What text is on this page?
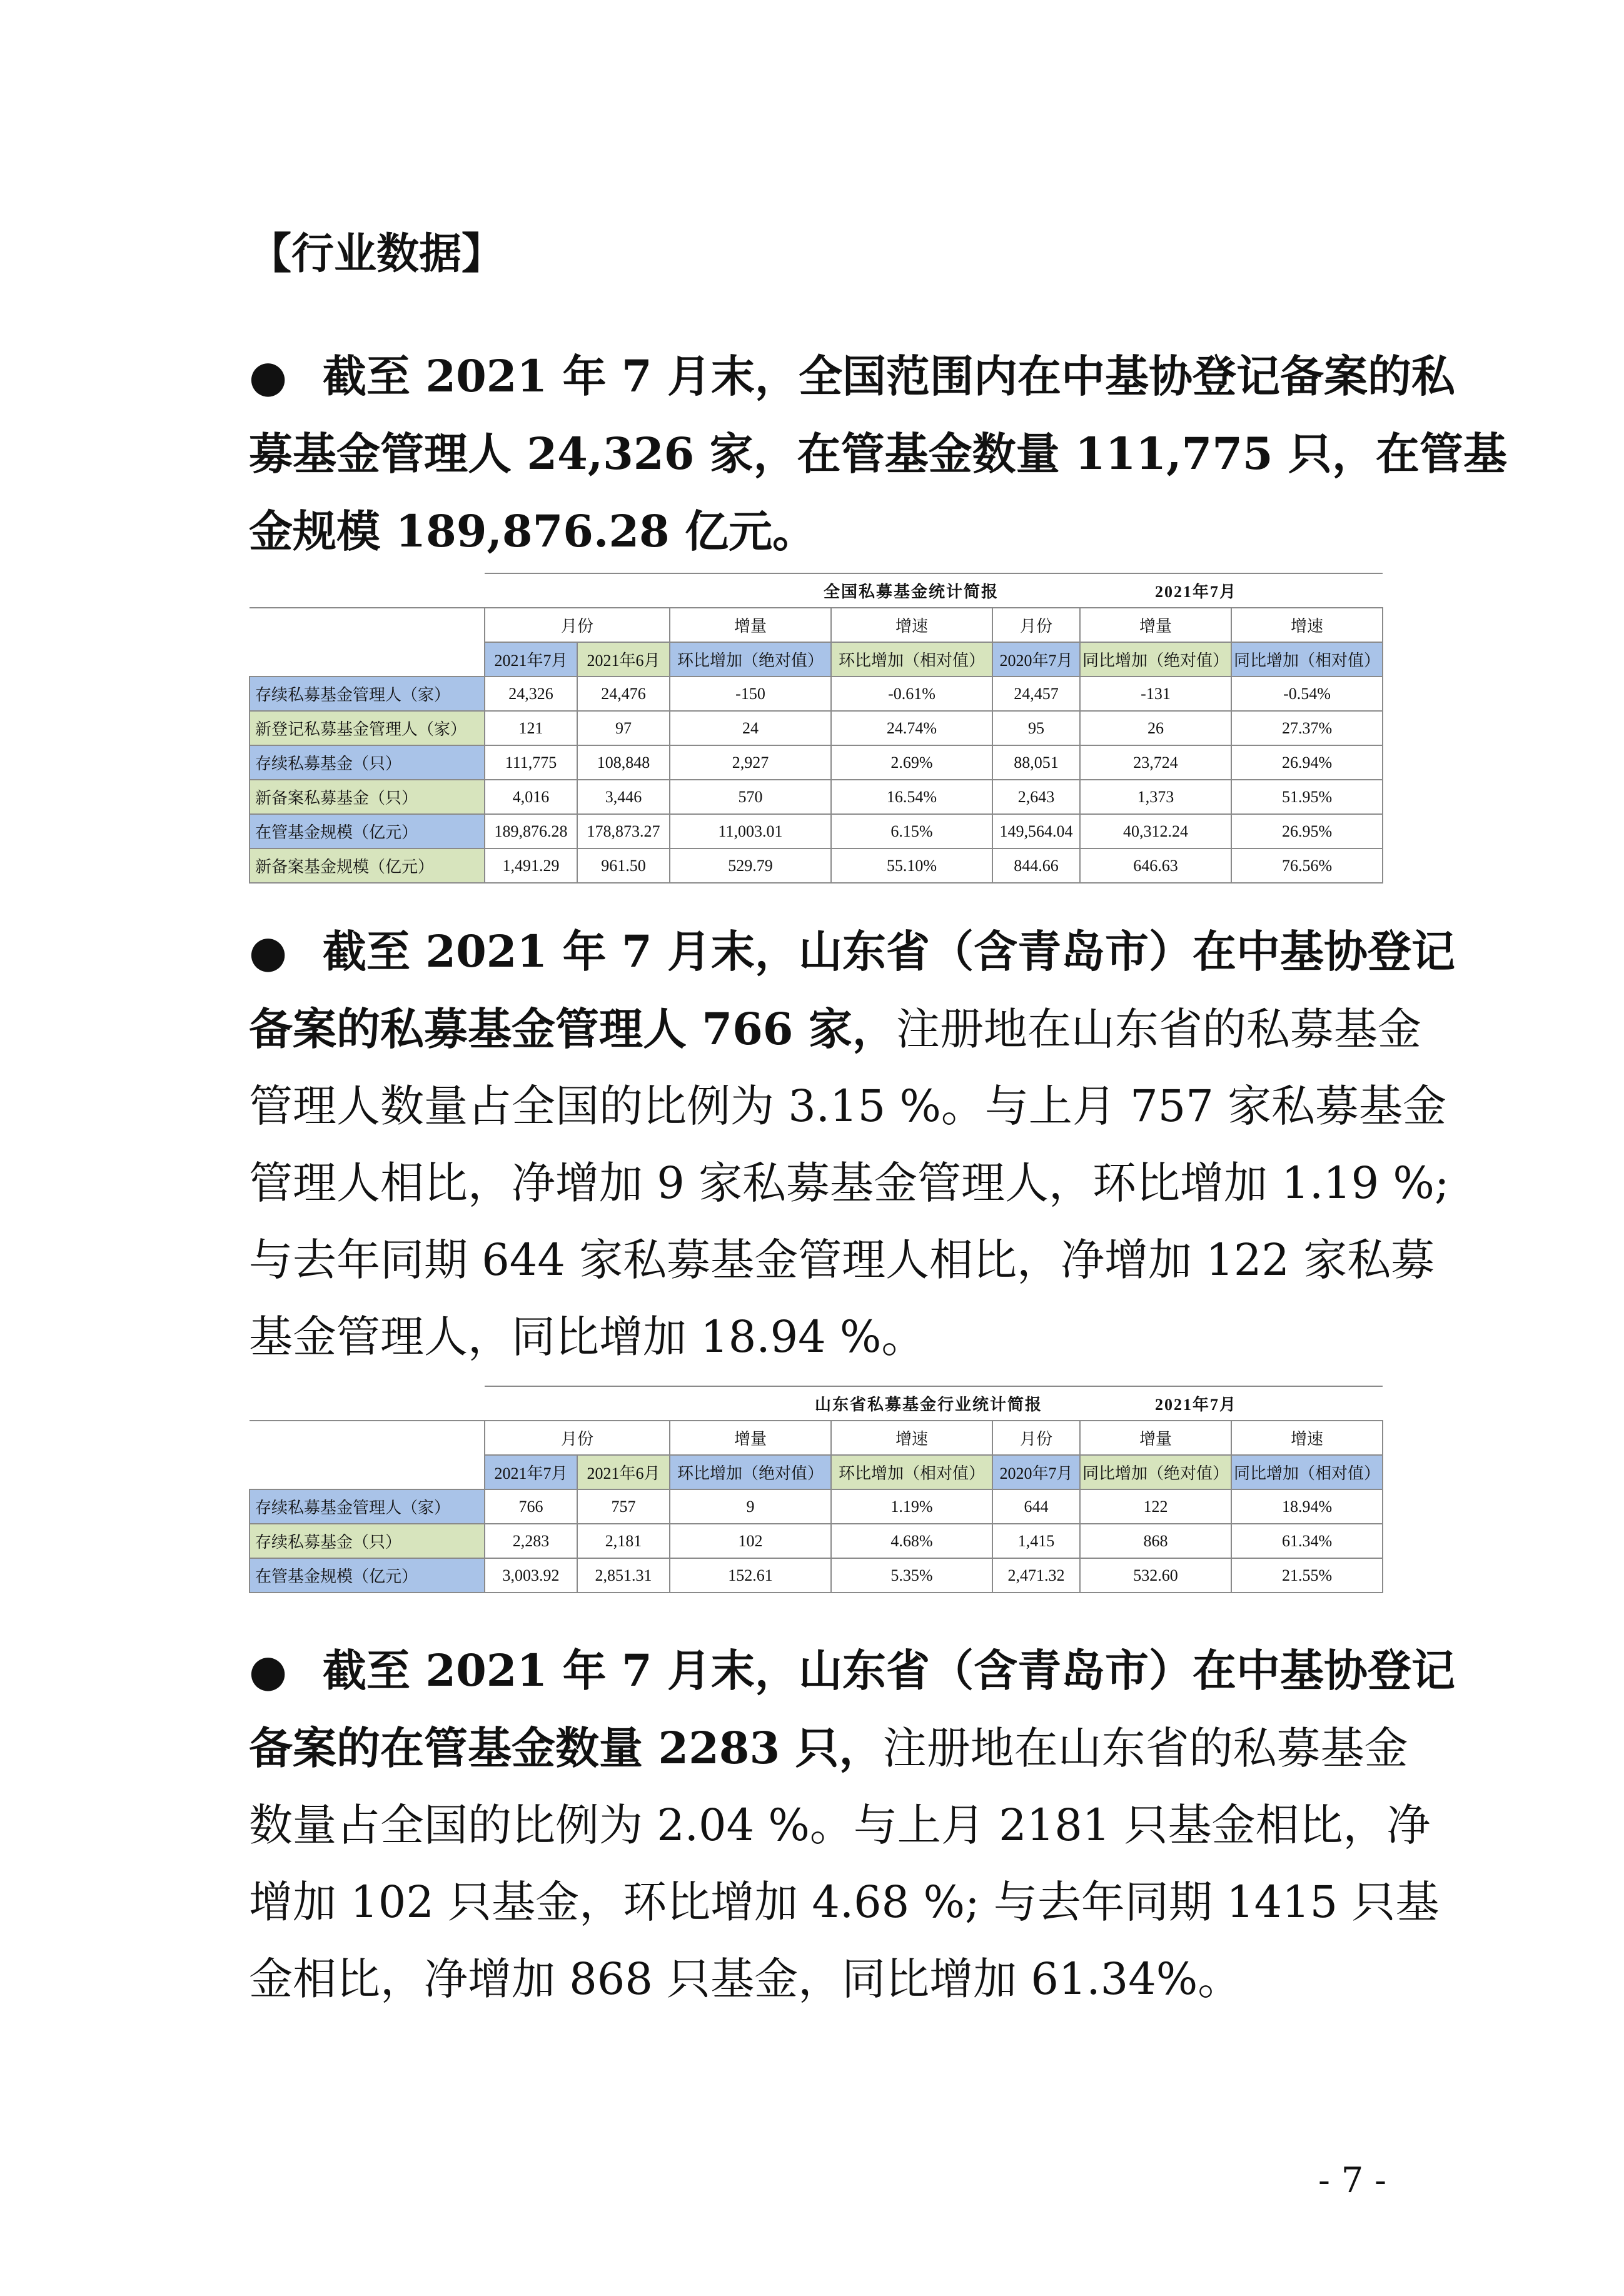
【行业数据】
● 截至 2021 年 7 月末，全国范围内在中基协登记备案的私
募基金管理人 24,326 家，在管基金数量 111,775 只，在管基
金规模 189,876.28 亿元。
	全国私募基金统计简报					2021年7月	
	月份		增量	增速	月份	增量	增速
	2021年7月	2021年6月	环比增加（绝对值）	环比增加（相对值）	2020年7月	同比增加（绝对值）	同比增加（相对值）
存续私募基金管理人（家）	24,326	24,476	-150	-0.61%	24,457	-131	-0.54%
新登记私募基金管理人（家）	121	97	24	24.74%	95	26	27.37%
存续私募基金（只）	111,775	108,848	2,927	2.69%	88,051	23,724	26.94%
新备案私募基金（只）	4,016	3,446	570	16.54%	2,643	1,373	51.95%
在管基金规模（亿元）	189,876.28	178,873.27	11,003.01	6.15%	149,564.04	40,312.24	26.95%
新备案基金规模（亿元）	1,491.29	961.50	529.79	55.10%	844.66	646.63	76.56%
● 截至 2021 年 7 月末，山东省（含青岛市）在中基协登记
备案的私募基金管理人 766 家，注册地在山东省的私募基金
管理人数量占全国的比例为 3.15 %。与上月 757 家私募基金
管理人相比，净增加 9 家私募基金管理人，环比增加 1.19 %;
与去年同期 644 家私募基金管理人相比，净增加 122 家私募
基金管理人，同比增加 18.94 %。
	山东省私募基金行业统计简报					2021年7月	
	月份		增量	增速	月份	增量	增速
	2021年7月	2021年6月	环比增加（绝对值）	环比增加（相对值）	2020年7月	同比增加（绝对值）	同比增加（相对值）
存续私募基金管理人（家）	766	757	9	1.19%	644	122	18.94%
存续私募基金（只）	2,283	2,181	102	4.68%	1,415	868	61.34%
在管基金规模（亿元）	3,003.92	2,851.31	152.61	5.35%	2,471.32	532.60	21.55%
● 截至 2021 年 7 月末，山东省（含青岛市）在中基协登记
备案的在管基金数量 2283 只，注册地在山东省的私募基金
数量占全国的比例为 2.04 %。与上月 2181 只基金相比，净
增加 102 只基金，环比增加 4.68 %; 与去年同期 1415 只基
金相比，净增加 868 只基金，同比增加 61.34%。
- 7 -
